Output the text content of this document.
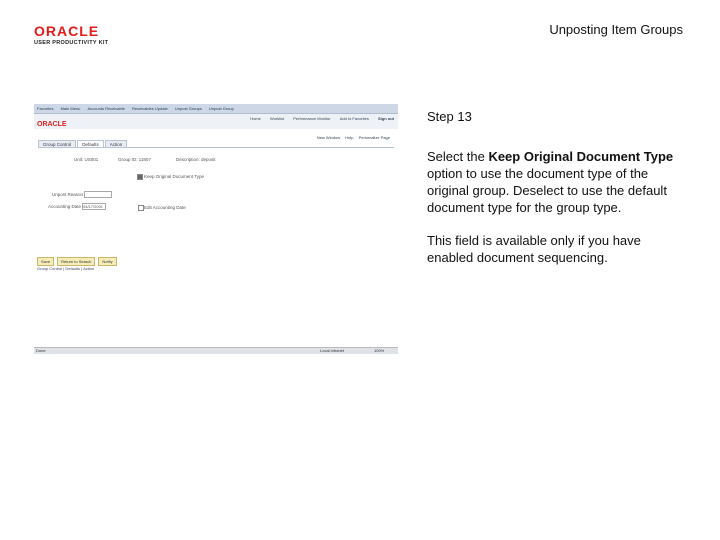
ORACLE
USER PRODUCTIVITY KIT
Unposting Item Groups
Favorites Main Menu Accounts Receivable Receivables Update Unpost Groups Unpost Group
ORACLE
Home Worklist Performance Monitor Add to Favorites Sign out
New Window Help Personalize Page
Group Control	Defaults	Action
Unit: US001	Group ID: 11807	Description: deposit
Keep Original Document Type
Unpost Reason
Accounting Date 04/17/2001	Edit Accounting Date
Save	Return to Search	Notify
Group Control | Defaults | Action
Done	Local intranet	100%
Step 13
Select the Keep Original Document Type option to use the document type of the original group. Deselect to use the default document type for the group type.
This field is available only if you have enabled document sequencing.
